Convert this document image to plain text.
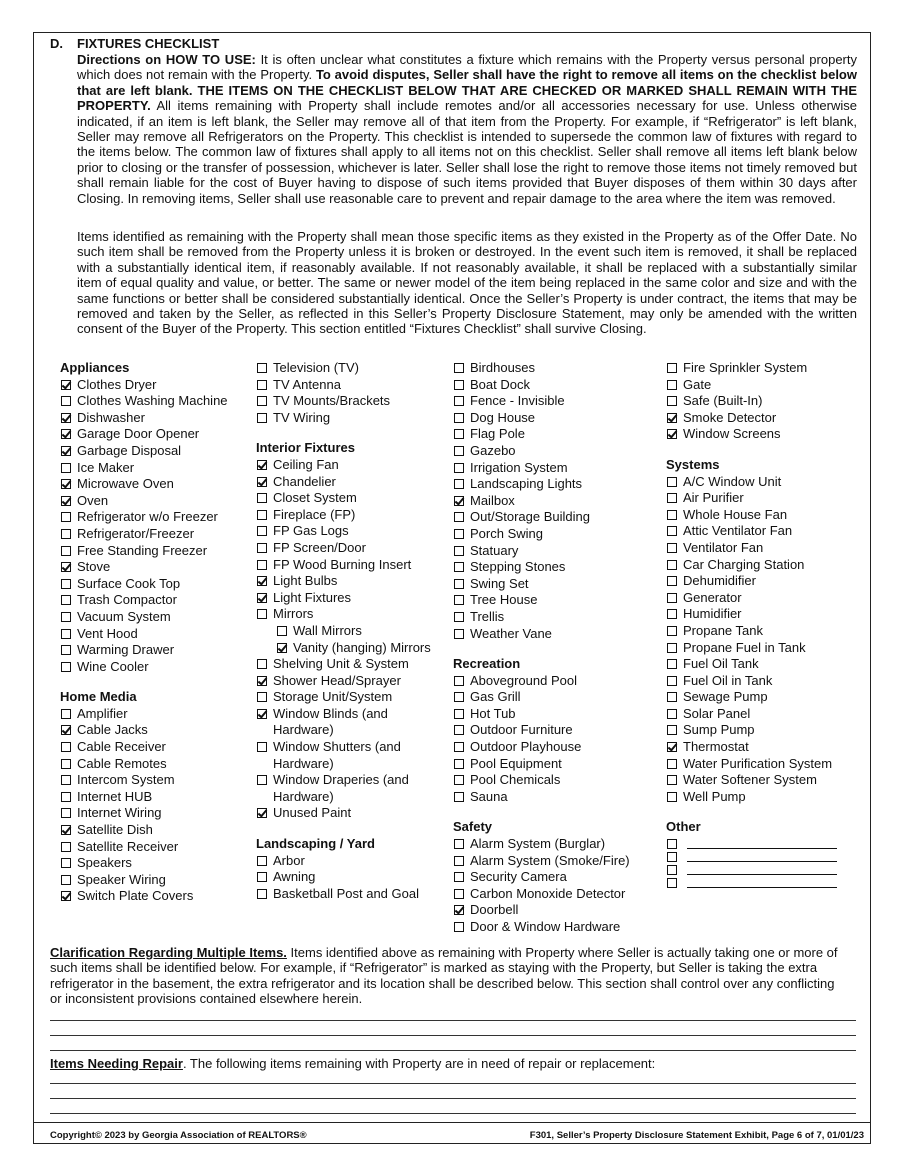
D. FIXTURES CHECKLIST

Directions on HOW TO USE: It is often unclear what constitutes a fixture which remains with the Property versus personal property which does not remain with the Property. To avoid disputes, Seller shall have the right to remove all items on the checklist below that are left blank. THE ITEMS ON THE CHECKLIST BELOW THAT ARE CHECKED OR MARKED SHALL REMAIN WITH THE PROPERTY. All items remaining with Property shall include remotes and/or all accessories necessary for use. Unless otherwise indicated, if an item is left blank, the Seller may remove all of that item from the Property. For example, if “Refrigerator” is left blank, Seller may remove all Refrigerators on the Property. This checklist is intended to supersede the common law of fixtures with regard to the items below. The common law of fixtures shall apply to all items not on this checklist. Seller shall remove all items left blank below prior to closing or the transfer of possession, whichever is later. Seller shall lose the right to remove those items not timely removed but shall remain liable for the cost of Buyer having to dispose of such items provided that Buyer disposes of them within 30 days after Closing. In removing items, Seller shall use reasonable care to prevent and repair damage to the area where the item was removed.

Items identified as remaining with the Property shall mean those specific items as they existed in the Property as of the Offer Date. No such item shall be removed from the Property unless it is broken or destroyed. In the event such item is removed, it shall be replaced with a substantially identical item, if reasonably available. If not reasonably available, it shall be replaced with a substantially similar item of equal quality and value, or better. The same or newer model of the item being replaced in the same color and size and with the same functions or better shall be considered substantially identical. Once the Seller’s Property is under contract, the items that may be removed and taken by the Seller, as reflected in this Seller’s Property Disclosure Statement, may only be amended with the written consent of the Buyer of the Property. This section entitled “Fixtures Checklist” shall survive Closing.

Appliances

Clothes Dryer
Clothes Washing Machine
Dishwasher
Garage Door Opener
Garbage Disposal
Ice Maker
Microwave Oven
Oven
Refrigerator w/o Freezer
Refrigerator/Freezer
Free Standing Freezer
Stove
Surface Cook Top
Trash Compactor
Vacuum System
Vent Hood
Warming Drawer
Wine Cooler

Home Media

Amplifier
Cable Jacks
Cable Receiver
Cable Remotes
Intercom System
Internet HUB
Internet Wiring
Satellite Dish
Satellite Receiver
Speakers
Speaker Wiring
Switch Plate Covers
Television (TV)
TV Antenna
TV Mounts/Brackets
TV Wiring

Interior Fixtures

Ceiling Fan
Chandelier
Closet System
Fireplace (FP)
FP Gas Logs
FP Screen/Door
FP Wood Burning Insert
Light Bulbs
Light Fixtures
Mirrors
Wall Mirrors
Vanity (hanging) Mirrors
Shelving Unit & System
Shower Head/Sprayer
Storage Unit/System
Window Blinds (and Hardware)
Window Shutters (and Hardware)
Window Draperies (and Hardware)
Unused Paint

Landscaping / Yard

Arbor
Awning
Basketball Post and Goal
Birdhouses
Boat Dock
Fence - Invisible
Dog House
Flag Pole
Gazebo
Irrigation System
Landscaping Lights
Mailbox
Out/Storage Building
Porch Swing
Statuary
Stepping Stones
Swing Set
Tree House
Trellis
Weather Vane

Recreation

Aboveground Pool
Gas Grill
Hot Tub
Outdoor Furniture
Outdoor Playhouse
Pool Equipment
Pool Chemicals
Sauna

Safety

Alarm System (Burglar)
Alarm System (Smoke/Fire)
Security Camera
Carbon Monoxide Detector
Doorbell
Door & Window Hardware
Fire Sprinkler System
Gate
Safe (Built-In)
Smoke Detector
Window Screens

Systems

A/C Window Unit
Air Purifier
Whole House Fan
Attic Ventilator Fan
Ventilator Fan
Car Charging Station
Dehumidifier
Generator
Humidifier
Propane Tank
Propane Fuel in Tank
Fuel Oil Tank
Fuel Oil in Tank
Sewage Pump
Solar Panel
Sump Pump
Thermostat
Water Purification System
Water Softener System
Well Pump

Other

Clarification Regarding Multiple Items. Items identified above as remaining with Property where Seller is actually taking one or more of such items shall be identified below. For example, if “Refrigerator” is marked as staying with the Property, but Seller is taking the extra refrigerator in the basement, the extra refrigerator and its location shall be described below. This section shall control over any conflicting or inconsistent provisions contained elsewhere herein.

Items Needing Repair. The following items remaining with Property are in need of repair or replacement:

Copyright© 2023 by Georgia Association of REALTORS®	F301, Seller’s Property Disclosure Statement Exhibit, Page 6 of 7, 01/01/23
